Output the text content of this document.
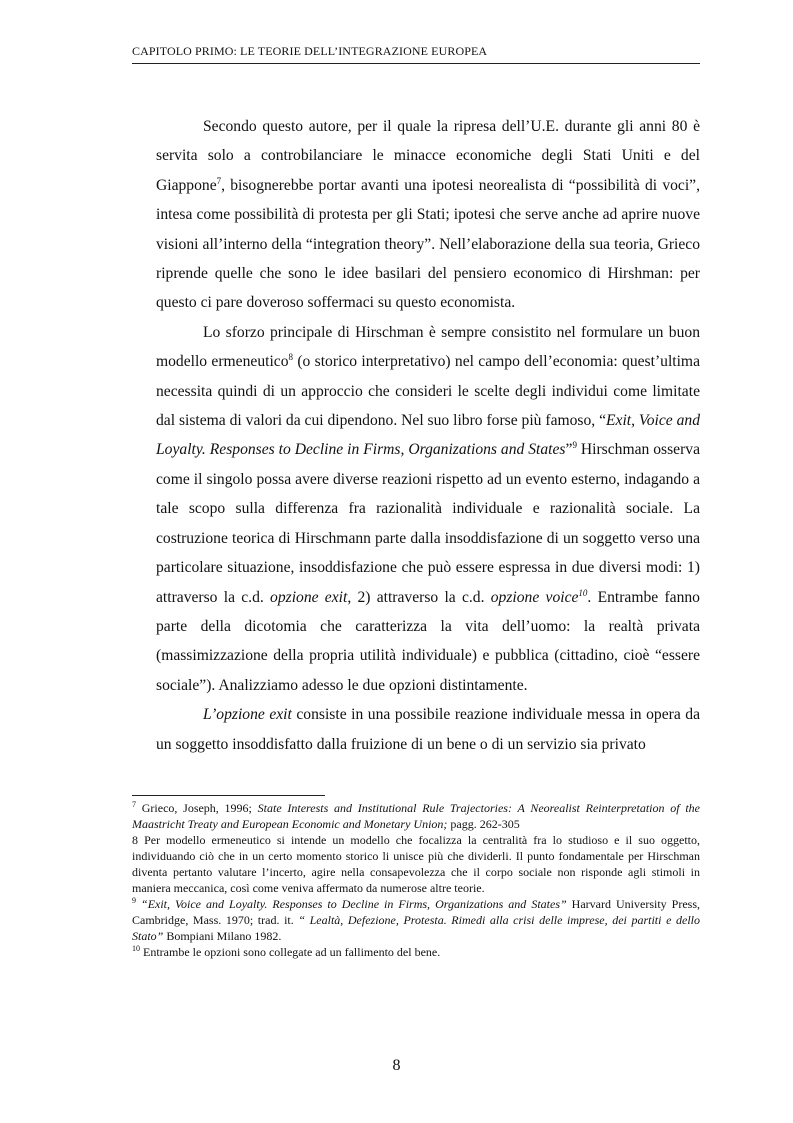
CAPITOLO PRIMO: LE TEORIE DELL’INTEGRAZIONE EUROPEA

Secondo questo autore, per il quale la ripresa dell’U.E. durante gli anni 80 è servita solo a controbilanciare le minacce economiche degli Stati Uniti e del Giappone$^7$, bisognerebbe portar avanti una ipotesi neorealista di “possibilità di voci”, intesa come possibilità di protesta per gli Stati; ipotesi che serve anche ad aprire nuove visioni all’interno della “integration theory”. Nell’elaborazione della sua teoria, Grieco riprende quelle che sono le idee basilari del pensiero economico di Hirshman: per questo ci pare doveroso soffermaci su questo economista.

Lo sforzo principale di Hirschman è sempre consistito nel formulare un buon modello ermeneutico$^8$ (o storico interpretativo) nel campo dell’economia: quest’ultima necessita quindi di un approccio che consideri le scelte degli individui come limitate dal sistema di valori da cui dipendono. Nel suo libro forse più famoso, “Exit, Voice and Loyalty. Responses to Decline in Firms, Organizations and States”$^9$ Hirschman osserva come il singolo possa avere diverse reazioni rispetto ad un evento esterno, indagando a tale scopo sulla differenza fra razionalità individuale e razionalità sociale. La costruzione teorica di Hirschmann parte dalla insoddisfazione di un soggetto verso una particolare situazione, insoddisfazione che può essere espressa in due diversi modi: 1) attraverso la c.d. opzione exit, 2) attraverso la c.d. opzione voice$^{10}$. Entrambe fanno parte della dicotomia che caratterizza la vita dell’uomo: la realtà privata (massimizzazione della propria utilità individuale) e pubblica (cittadino, cioè “essere sociale”). Analizziamo adesso le due opzioni distintamente.

L’opzione exit consiste in una possibile reazione individuale messa in opera da un soggetto insoddisfatto dalla fruizione di un bene o di un servizio sia privato

$^7$ Grieco, Joseph, 1996; State Interests and Institutional Rule Trajectories: A Neorealist Reinterpretation of the Maastricht Treaty and European Economic and Monetary Union; pagg. 262-305

8 Per modello ermeneutico si intende un modello che focalizza la centralità fra lo studioso e il suo oggetto, individuando ciò che in un certo momento storico li unisce più che dividerli. Il punto fondamentale per Hirschman diventa pertanto valutare l’incerto, agire nella consapevolezza che il corpo sociale non risponde agli stimoli in maniera meccanica, così come veniva affermato da numerose altre teorie.

$^9$ “Exit, Voice and Loyalty. Responses to Decline in Firms, Organizations and States” Harvard University Press, Cambridge, Mass. 1970; trad. it. “ Lealtà, Defezione, Protesta. Rimedi alla crisi delle imprese, dei partiti e dello Stato” Bompiani Milano 1982.

$^{10}$ Entrambe le opzioni sono collegate ad un fallimento del bene.

8
